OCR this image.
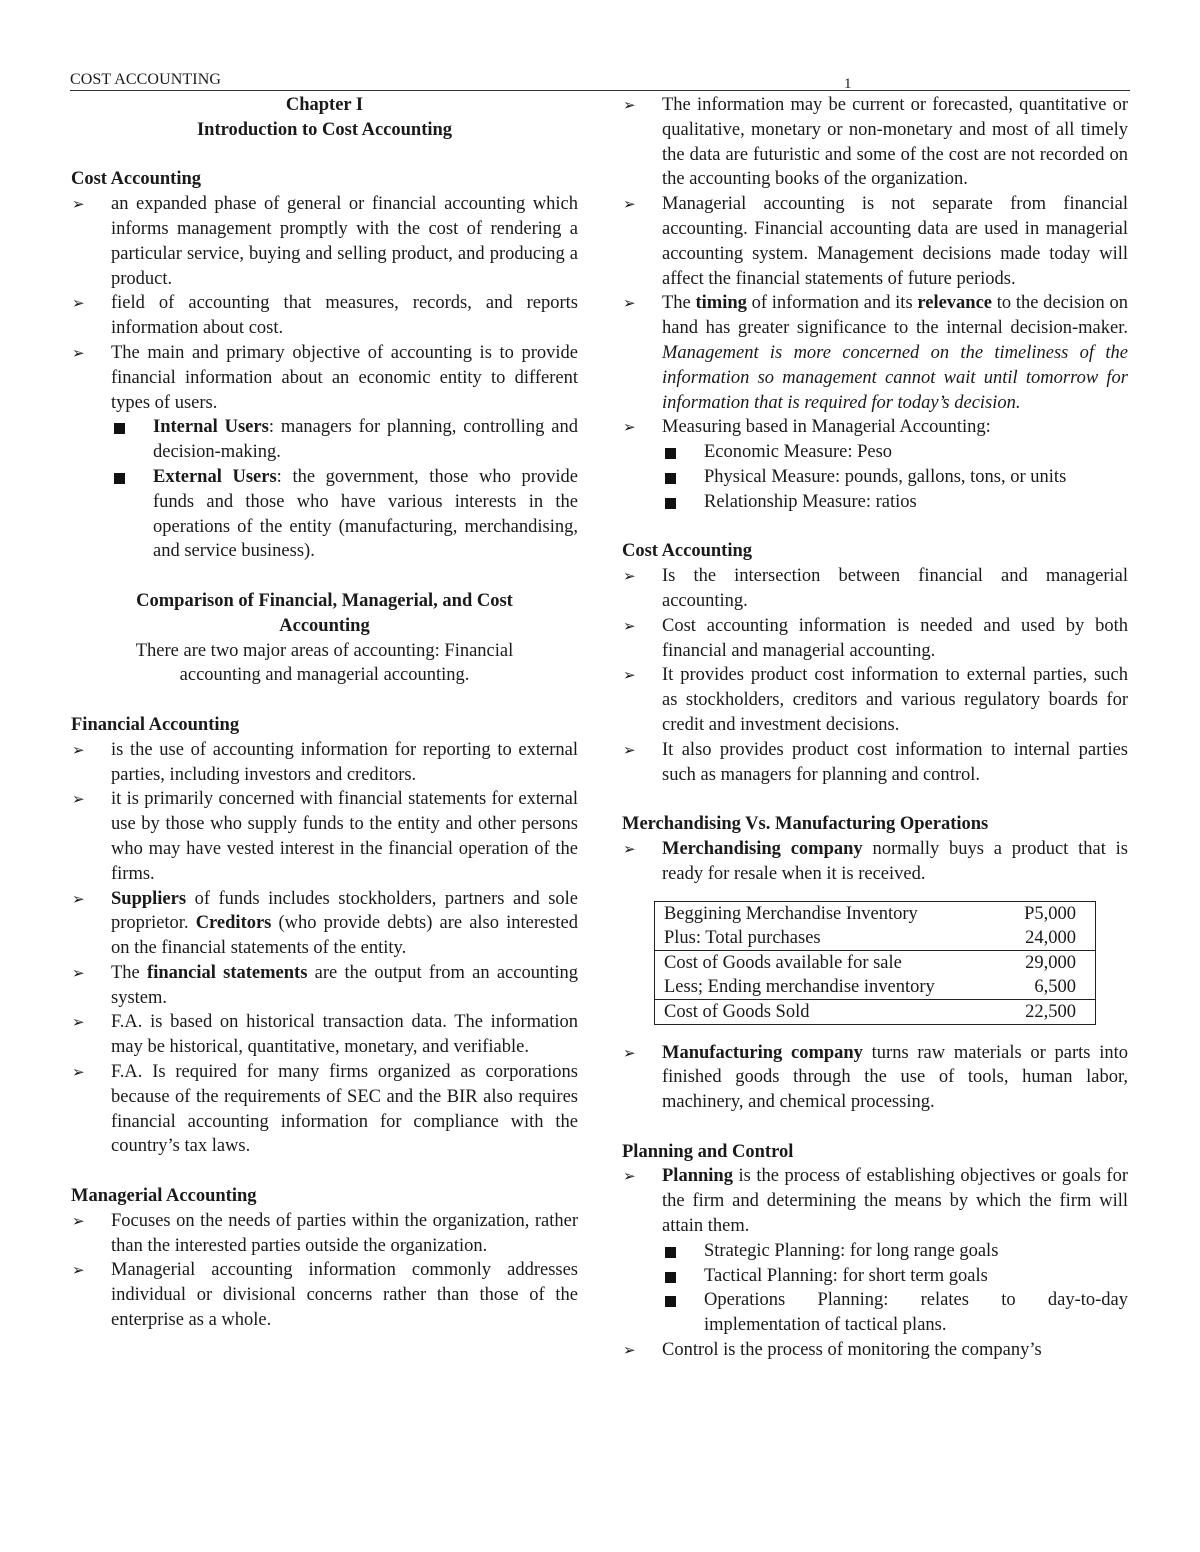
COST ACCOUNTING	1
Chapter I
Introduction to Cost Accounting
Cost Accounting
➢ an expanded phase of general or financial accounting which informs management promptly with the cost of rendering a particular service, buying and selling product, and producing a product.
➢ field of accounting that measures, records, and reports information about cost.
➢ The main and primary objective of accounting is to provide financial information about an economic entity to different types of users.
Internal Users: managers for planning, controlling and decision-making.
External Users: the government, those who provide funds and those who have various interests in the operations of the entity (manufacturing, merchandising, and service business).
Comparison of Financial, Managerial, and Cost
Accounting
There are two major areas of accounting: Financial
accounting and managerial accounting.
Financial Accounting
➢ is the use of accounting information for reporting to external parties, including investors and creditors.
➢ it is primarily concerned with financial statements for external use by those who supply funds to the entity and other persons who may have vested interest in the financial operation of the firms.
➢ Suppliers of funds includes stockholders, partners and sole proprietor. Creditors (who provide debts) are also interested on the financial statements of the entity.
➢ The financial statements are the output from an accounting system.
➢ F.A. is based on historical transaction data. The information may be historical, quantitative, monetary, and verifiable.
➢ F.A. Is required for many firms organized as corporations because of the requirements of SEC and the BIR also requires financial accounting information for compliance with the country’s tax laws.
Managerial Accounting
➢ Focuses on the needs of parties within the organization, rather than the interested parties outside the organization.
➢ Managerial accounting information commonly addresses individual or divisional concerns rather than those of the enterprise as a whole.
➢ The information may be current or forecasted, quantitative or qualitative, monetary or non-monetary and most of all timely the data are futuristic and some of the cost are not recorded on the accounting books of the organization.
➢ Managerial accounting is not separate from financial accounting. Financial accounting data are used in managerial accounting system. Management decisions made today will affect the financial statements of future periods.
➢ The timing of information and its relevance to the decision on hand has greater significance to the internal decision-maker. Management is more concerned on the timeliness of the information so management cannot wait until tomorrow for information that is required for today’s decision.
➢ Measuring based in Managerial Accounting:
Economic Measure: Peso
Physical Measure: pounds, gallons, tons, or units
Relationship Measure: ratios
Cost Accounting
➢ Is the intersection between financial and managerial accounting.
➢ Cost accounting information is needed and used by both financial and managerial accounting.
➢ It provides product cost information to external parties, such as stockholders, creditors and various regulatory boards for credit and investment decisions.
➢ It also provides product cost information to internal parties such as managers for planning and control.
Merchandising Vs. Manufacturing Operations
➢ Merchandising company normally buys a product that is ready for resale when it is received.
Beggining Merchandise Inventory	P5,000
Plus: Total purchases	24,000
Cost of Goods available for sale	29,000
Less; Ending merchandise inventory	6,500
Cost of Goods Sold	22,500
➢ Manufacturing company turns raw materials or parts into finished goods through the use of tools, human labor, machinery, and chemical processing.
Planning and Control
➢ Planning is the process of establishing objectives or goals for the firm and determining the means by which the firm will attain them.
Strategic Planning: for long range goals
Tactical Planning: for short term goals
Operations Planning: relates to day-to-day implementation of tactical plans.
➢ Control is the process of monitoring the company’s
